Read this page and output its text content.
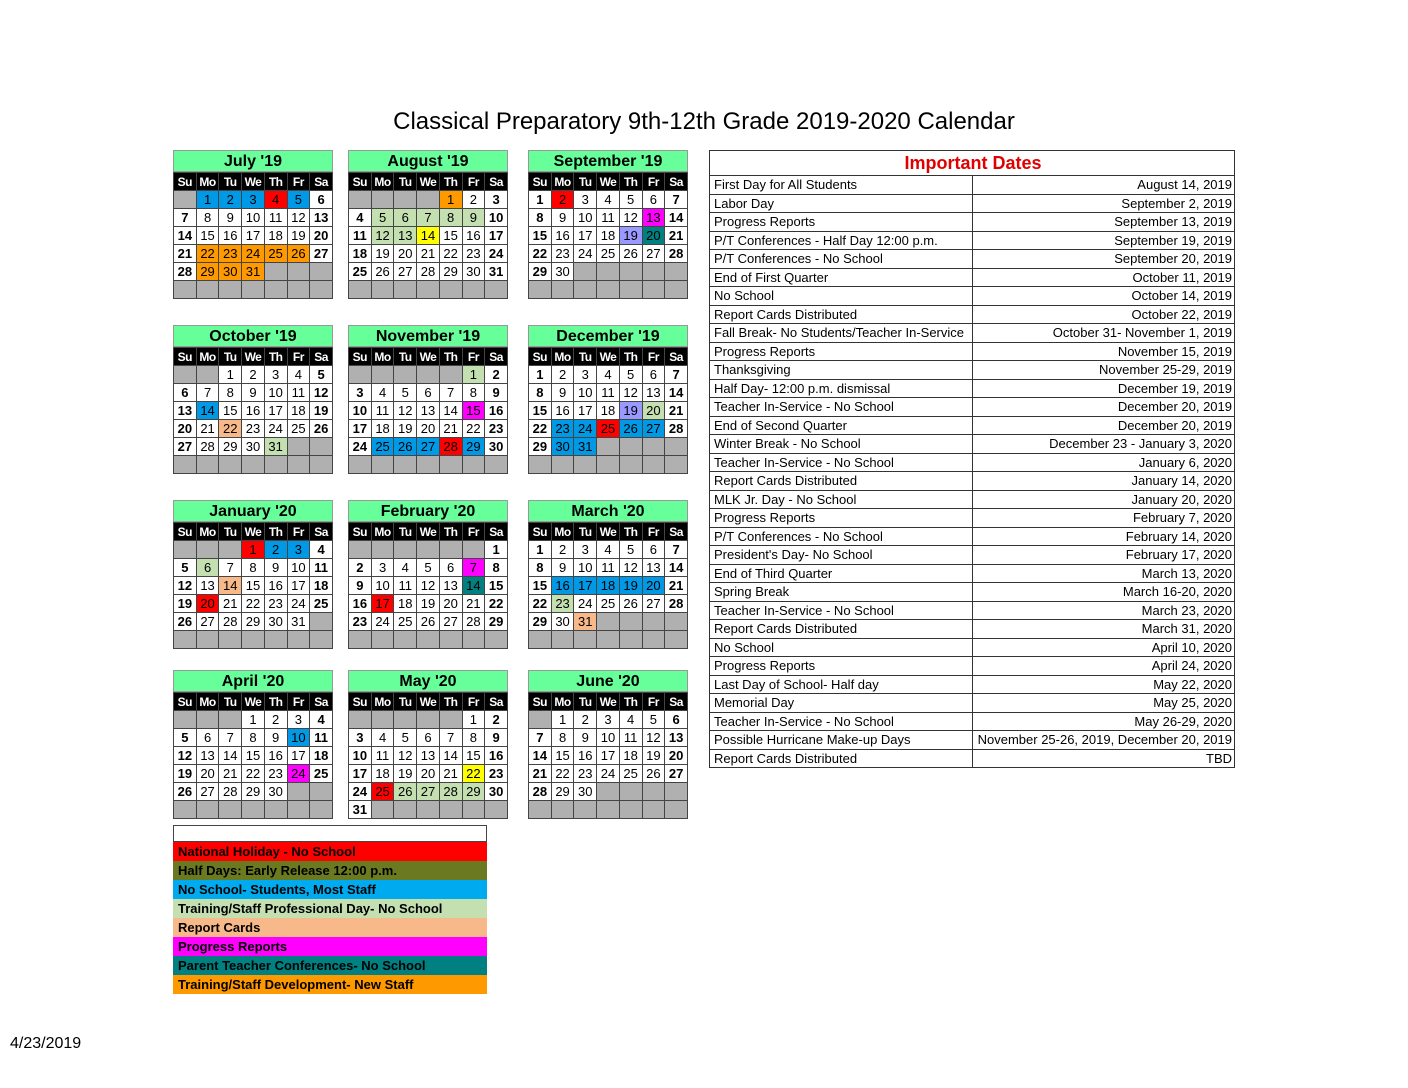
Classical Preparatory 9th-12th Grade 2019-2020 Calendar
July '19
Su	Mo	Tu	We	Th	Fr	Sa
	1	2	3	4	5	6
7	8	9	10	11	12	13
14	15	16	17	18	19	20
21	22	23	24	25	26	27
28	29	30	31			

August '19
Su	Mo	Tu	We	Th	Fr	Sa
				1	2	3
4	5	6	7	8	9	10
11	12	13	14	15	16	17
18	19	20	21	22	23	24
25	26	27	28	29	30	31

September '19
Su	Mo	Tu	We	Th	Fr	Sa
1	2	3	4	5	6	7
8	9	10	11	12	13	14
15	16	17	18	19	20	21
22	23	24	25	26	27	28
29	30					

October '19
Su	Mo	Tu	We	Th	Fr	Sa
		1	2	3	4	5
6	7	8	9	10	11	12
13	14	15	16	17	18	19
20	21	22	23	24	25	26
27	28	29	30	31		

November '19
Su	Mo	Tu	We	Th	Fr	Sa
					1	2
3	4	5	6	7	8	9
10	11	12	13	14	15	16
17	18	19	20	21	22	23
24	25	26	27	28	29	30

December '19
Su	Mo	Tu	We	Th	Fr	Sa
1	2	3	4	5	6	7
8	9	10	11	12	13	14
15	16	17	18	19	20	21
22	23	24	25	26	27	28
29	30	31				

January '20
Su	Mo	Tu	We	Th	Fr	Sa
			1	2	3	4
5	6	7	8	9	10	11
12	13	14	15	16	17	18
19	20	21	22	23	24	25
26	27	28	29	30	31	

February '20
Su	Mo	Tu	We	Th	Fr	Sa
						1
2	3	4	5	6	7	8
9	10	11	12	13	14	15
16	17	18	19	20	21	22
23	24	25	26	27	28	29

March '20
Su	Mo	Tu	We	Th	Fr	Sa
1	2	3	4	5	6	7
8	9	10	11	12	13	14
15	16	17	18	19	20	21
22	23	24	25	26	27	28
29	30	31				

April '20
Su	Mo	Tu	We	Th	Fr	Sa
			1	2	3	4
5	6	7	8	9	10	11
12	13	14	15	16	17	18
19	20	21	22	23	24	25
26	27	28	29	30		

May '20
Su	Mo	Tu	We	Th	Fr	Sa
					1	2
3	4	5	6	7	8	9
10	11	12	13	14	15	16
17	18	19	20	21	22	23
24	25	26	27	28	29	30
31						
June '20
Su	Mo	Tu	We	Th	Fr	Sa
	1	2	3	4	5	6
7	8	9	10	11	12	13
14	15	16	17	18	19	20
21	22	23	24	25	26	27
28	29	30				

Important Dates	
First Day for All Students	August 14, 2019
Labor Day	September 2, 2019
Progress Reports	September 13, 2019
P/T Conferences - Half Day 12:00 p.m.	September 19, 2019
P/T Conferences - No School	September 20, 2019
End of First Quarter	October 11, 2019
No School	October 14, 2019
Report Cards Distributed	October 22, 2019
Fall Break- No Students/Teacher In-Service	October 31- November 1, 2019
Progress Reports	November 15, 2019
Thanksgiving	November 25-29, 2019
Half Day- 12:00 p.m. dismissal	December 19, 2019
Teacher In-Service - No School	December 20, 2019
End of Second Quarter	December 20, 2019
Winter Break - No School	December 23 - January 3, 2020
Teacher In-Service - No School	January 6, 2020
Report Cards Distributed	January 14, 2020
MLK Jr. Day - No School	January 20, 2020
Progress Reports	February 7, 2020
P/T Conferences - No School	February 14, 2020
President's Day- No School	February 17, 2020
End of Third Quarter	March 13, 2020
Spring Break	March 16-20, 2020
Teacher In-Service - No School	March 23, 2020
Report Cards Distributed	March 31, 2020
No School	April 10, 2020
Progress Reports	April 24, 2020
Last Day of School- Half day	May 22, 2020
Memorial Day	May 25, 2020
Teacher In-Service - No School	May 26-29, 2020
Possible Hurricane Make-up Days	November 25-26, 2019, December 20, 2019
Report Cards Distributed	TBD
National Holiday - No School
Half Days: Early Release 12:00 p.m.
No School- Students, Most Staff
Training/Staff Professional Day- No School
Report Cards
Progress Reports
Parent Teacher Conferences- No School
Training/Staff Development- New Staff
4/23/2019
